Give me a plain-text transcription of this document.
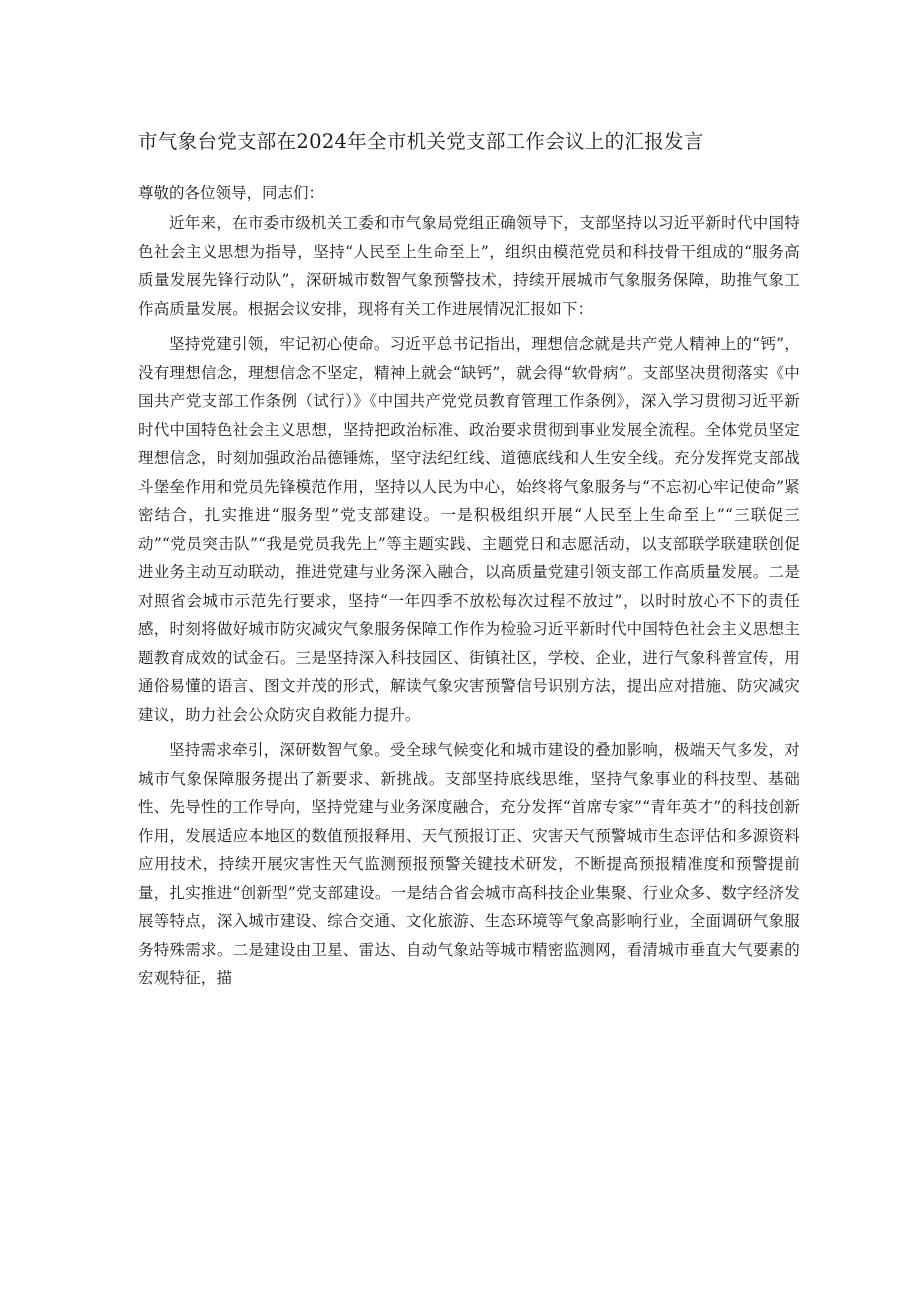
市气象台党支部在2024年全市机关党支部工作会议上的汇报发言

尊敬的各位领导，同志们：

近年来，在市委市级机关工委和市气象局党组正确领导下，支部坚持以习近平新时代中国特色社会主义思想为指导，坚持“人民至上生命至上”，组织由模范党员和科技骨干组成的“服务高质量发展先锋行动队”，深研城市数智气象预警技术，持续开展城市气象服务保障，助推气象工作高质量发展。根据会议安排，现将有关工作进展情况汇报如下：

坚持党建引领，牢记初心使命。习近平总书记指出，理想信念就是共产党人精神上的“钙”，没有理想信念，理想信念不坚定，精神上就会“缺钙”，就会得“软骨病”。支部坚决贯彻落实《中国共产党支部工作条例（试行）》《中国共产党党员教育管理工作条例》，深入学习贯彻习近平新时代中国特色社会主义思想，坚持把政治标准、政治要求贯彻到事业发展全流程。全体党员坚定理想信念，时刻加强政治品德锤炼，坚守法纪红线、道德底线和人生安全线。充分发挥党支部战斗堡垒作用和党员先锋模范作用，坚持以人民为中心，始终将气象服务与“不忘初心牢记使命”紧密结合，扎实推进“服务型”党支部建设。一是积极组织开展“人民至上生命至上”“三联促三动”“党员突击队”“我是党员我先上”等主题实践、主题党日和志愿活动，以支部联学联建联创促进业务主动互动联动，推进党建与业务深入融合，以高质量党建引领支部工作高质量发展。二是对照省会城市示范先行要求，坚持“一年四季不放松每次过程不放过”，以时时放心不下的责任感，时刻将做好城市防灾减灾气象服务保障工作作为检验习近平新时代中国特色社会主义思想主题教育成效的试金石。三是坚持深入科技园区、街镇社区，学校、企业，进行气象科普宣传，用通俗易懂的语言、图文并茂的形式，解读气象灾害预警信号识别方法，提出应对措施、防灾减灾建议，助力社会公众防灾自救能力提升。

坚持需求牵引，深研数智气象。受全球气候变化和城市建设的叠加影响，极端天气多发，对城市气象保障服务提出了新要求、新挑战。支部坚持底线思维，坚持气象事业的科技型、基础性、先导性的工作导向，坚持党建与业务深度融合，充分发挥“首席专家”“青年英才”的科技创新作用，发展适应本地区的数值预报释用、天气预报订正、灾害天气预警城市生态评估和多源资料应用技术，持续开展灾害性天气监测预报预警关键技术研发，不断提高预报精准度和预警提前量，扎实推进“创新型”党支部建设。一是结合省会城市高科技企业集聚、行业众多、数字经济发展等特点，深入城市建设、综合交通、文化旅游、生态环境等气象高影响行业，全面调研气象服务特殊需求。二是建设由卫星、雷达、自动气象站等城市精密监测网，看清城市垂直大气要素的宏观特征，描
